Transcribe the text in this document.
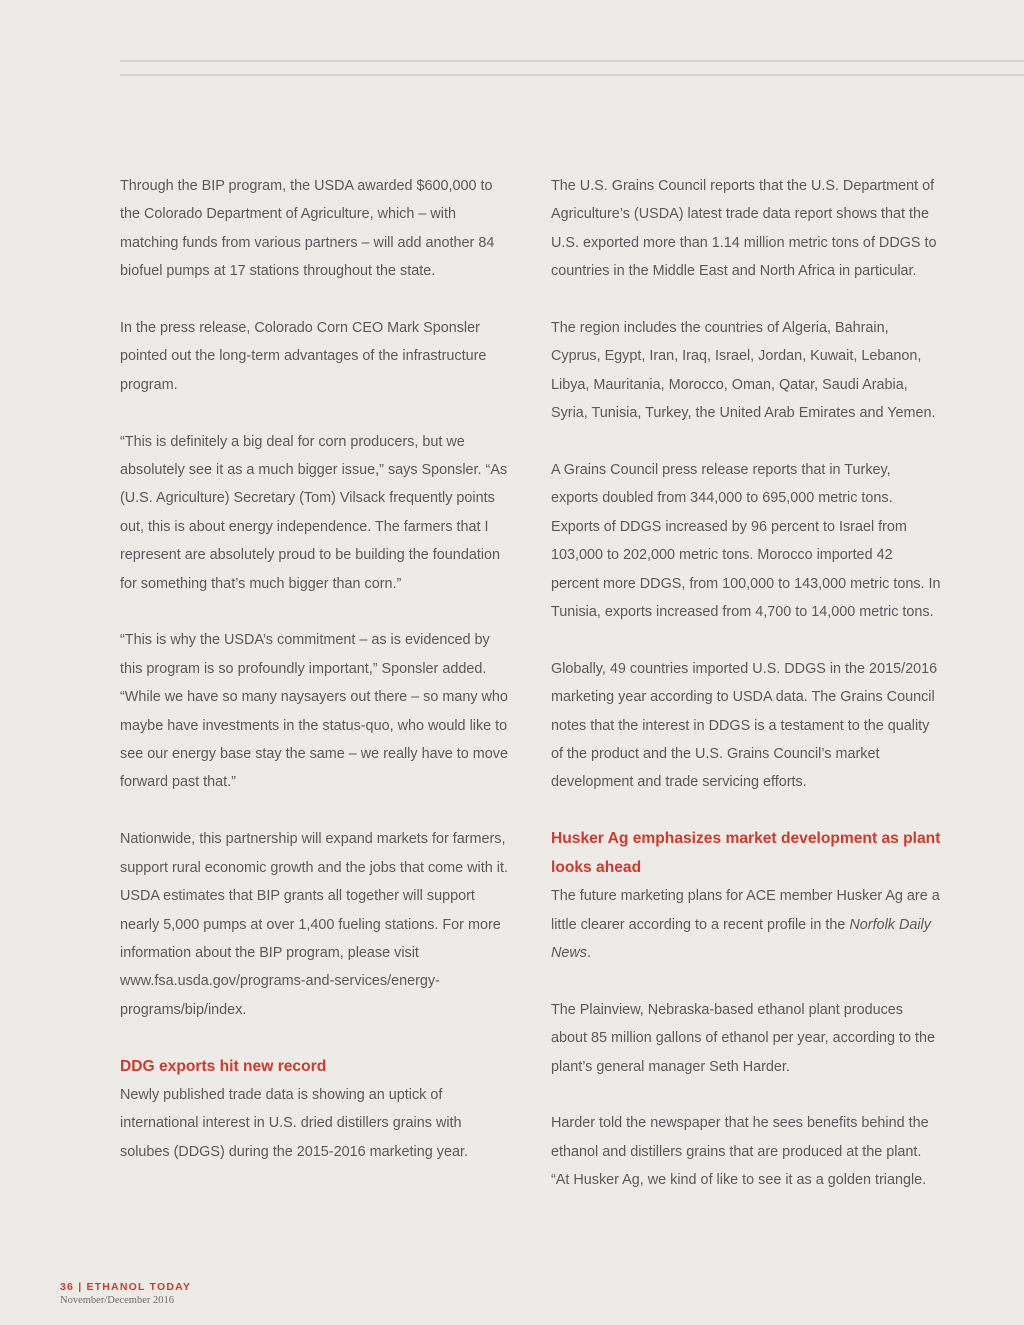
Through the BIP program, the USDA awarded $600,000 to the Colorado Department of Agriculture, which – with matching funds from various partners – will add another 84 biofuel pumps at 17 stations throughout the state.

In the press release, Colorado Corn CEO Mark Sponsler pointed out the long-term advantages of the infrastructure program.

“This is definitely a big deal for corn producers, but we absolutely see it as a much bigger issue,” says Sponsler. “As (U.S. Agriculture) Secretary (Tom) Vilsack frequently points out, this is about energy independence. The farmers that I represent are absolutely proud to be building the foundation for something that’s much bigger than corn.”

“This is why the USDA’s commitment – as is evidenced by this program is so profoundly important,” Sponsler added. “While we have so many naysayers out there – so many who maybe have investments in the status-quo, who would like to see our energy base stay the same – we really have to move forward past that.”

Nationwide, this partnership will expand markets for farmers, support rural economic growth and the jobs that come with it. USDA estimates that BIP grants all together will support nearly 5,000 pumps at over 1,400 fueling stations. For more information about the BIP program, please visit www.fsa.usda.gov/programs-and-services/energy-programs/bip/index.

DDG exports hit new record

Newly published trade data is showing an uptick of international interest in U.S. dried distillers grains with solubes (DDGS) during the 2015-2016 marketing year.

The U.S. Grains Council reports that the U.S. Department of Agriculture’s (USDA) latest trade data report shows that the U.S. exported more than 1.14 million metric tons of DDGS to countries in the Middle East and North Africa in particular.

The region includes the countries of Algeria, Bahrain, Cyprus, Egypt, Iran, Iraq, Israel, Jordan, Kuwait, Lebanon, Libya, Mauritania, Morocco, Oman, Qatar, Saudi Arabia, Syria, Tunisia, Turkey, the United Arab Emirates and Yemen.

A Grains Council press release reports that in Turkey, exports doubled from 344,000 to 695,000 metric tons. Exports of DDGS increased by 96 percent to Israel from 103,000 to 202,000 metric tons. Morocco imported 42 percent more DDGS, from 100,000 to 143,000 metric tons. In Tunisia, exports increased from 4,700 to 14,000 metric tons.

Globally, 49 countries imported U.S. DDGS in the 2015/2016 marketing year according to USDA data. The Grains Council notes that the interest in DDGS is a testament to the quality of the product and the U.S. Grains Council’s market development and trade servicing efforts.

Husker Ag emphasizes market development as plant looks ahead

The future marketing plans for ACE member Husker Ag are a little clearer according to a recent profile in the Norfolk Daily News.

The Plainview, Nebraska-based ethanol plant produces about 85 million gallons of ethanol per year, according to the plant’s general manager Seth Harder.

Harder told the newspaper that he sees benefits behind the ethanol and distillers grains that are produced at the plant. “At Husker Ag, we kind of like to see it as a golden triangle.

36 | ETHANOL TODAY
November/December 2016
